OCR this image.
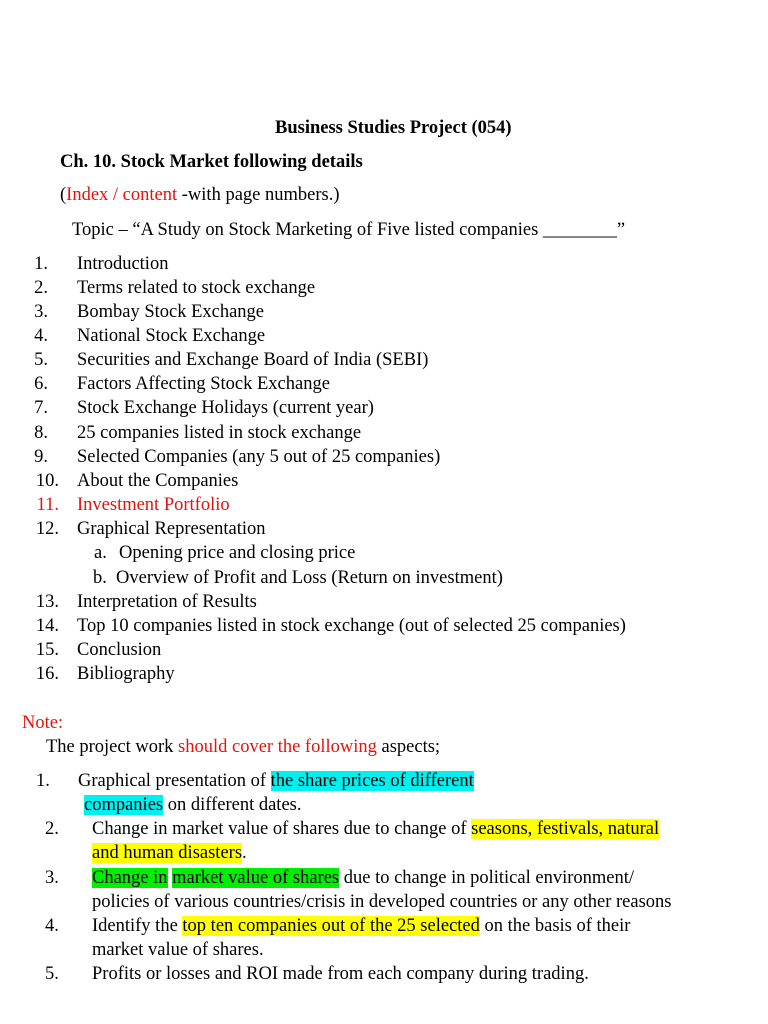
Business Studies Project (054)
Ch. 10. Stock Market following details
(Index / content -with page numbers.)
Topic – “A Study on Stock Marketing of Five listed companies ________”
1. Introduction
2. Terms related to stock exchange
3. Bombay Stock Exchange
4. National Stock Exchange
5. Securities and Exchange Board of India (SEBI)
6. Factors Affecting Stock Exchange
7. Stock Exchange Holidays (current year)
8. 25 companies listed in stock exchange
9. Selected Companies (any 5 out of 25 companies)
10. About the Companies
11. Investment Portfolio
12. Graphical Representation
a. Opening price and closing price
b. Overview of Profit and Loss (Return on investment)
13. Interpretation of Results
14. Top 10 companies listed in stock exchange (out of selected 25 companies)
15. Conclusion
16. Bibliography
Note:
The project work should cover the following aspects;
1. Graphical presentation of the share prices of different
companies on different dates.
2. Change in market value of shares due to change of seasons, festivals, natural
and human disasters.
3. Change in market value of shares due to change in political environment/
policies of various countries/crisis in developed countries or any other reasons
4. Identify the top ten companies out of the 25 selected on the basis of their
market value of shares.
5. Profits or losses and ROI made from each company during trading.
